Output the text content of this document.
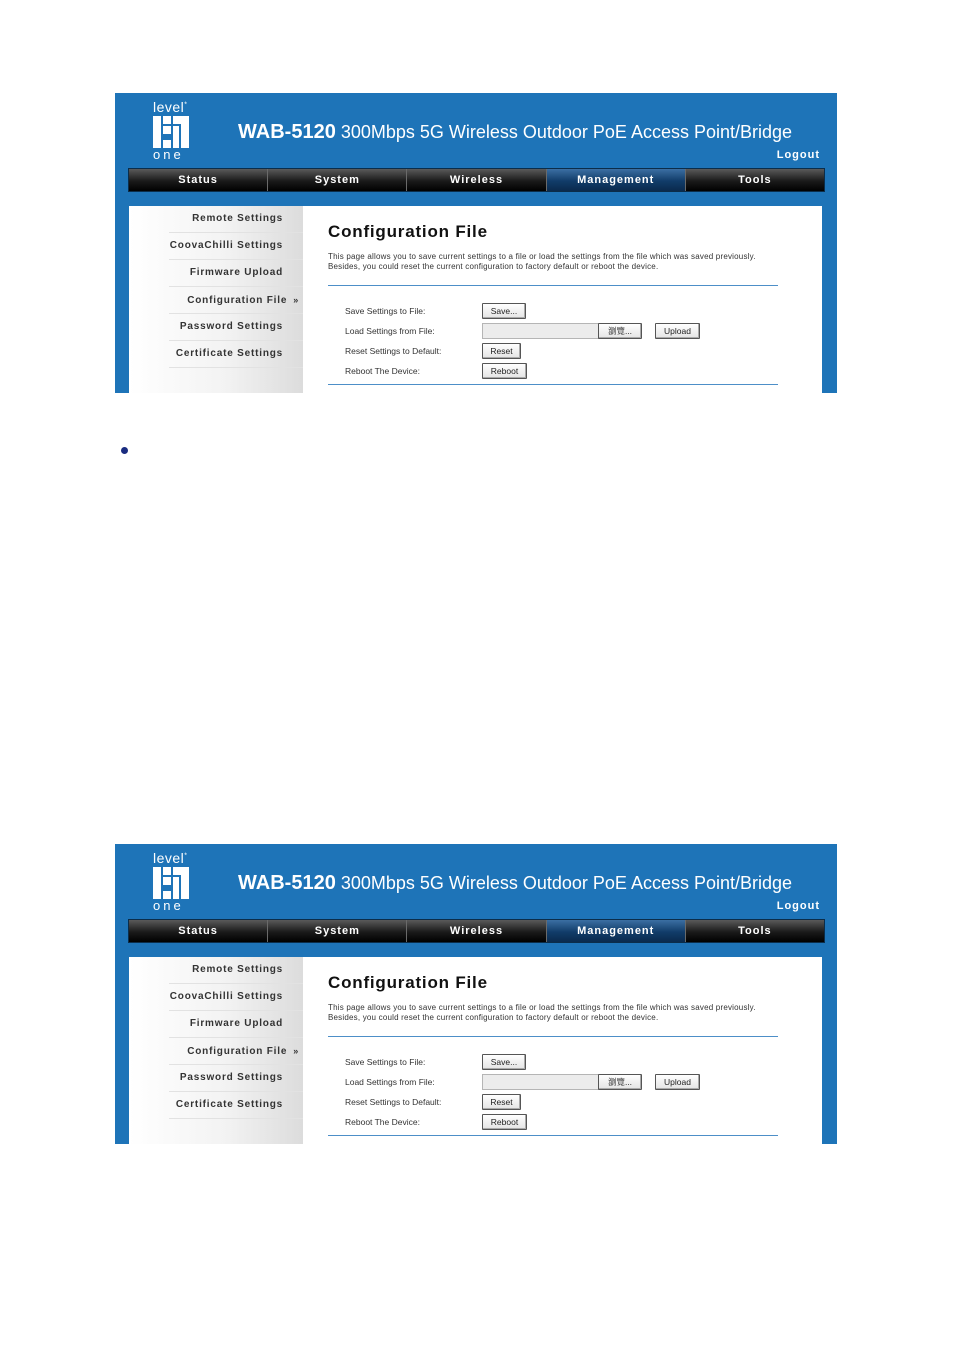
level*
one
WAB-5120 300Mbps 5G Wireless Outdoor PoE Access Point/Bridge
Logout
Status	System	Wireless	Management	Tools
Remote Settings
CoovaChilli Settings
Firmware Upload
Configuration File »
Password Settings
Certificate Settings
Configuration File
This page allows you to save current settings to a file or load the settings from the file which was saved previously. Besides, you could reset the current configuration to factory default or reboot the device.
Save Settings to File:	Save...
Load Settings from File:	瀏覽...	Upload
Reset Settings to Default:	Reset
Reboot The Device:	Reboot
level*
one
WAB-5120 300Mbps 5G Wireless Outdoor PoE Access Point/Bridge
Logout
Status	System	Wireless	Management	Tools
Remote Settings
CoovaChilli Settings
Firmware Upload
Configuration File »
Password Settings
Certificate Settings
Configuration File
This page allows you to save current settings to a file or load the settings from the file which was saved previously. Besides, you could reset the current configuration to factory default or reboot the device.
Save Settings to File:	Save...
Load Settings from File:	瀏覽...	Upload
Reset Settings to Default:	Reset
Reboot The Device:	Reboot
